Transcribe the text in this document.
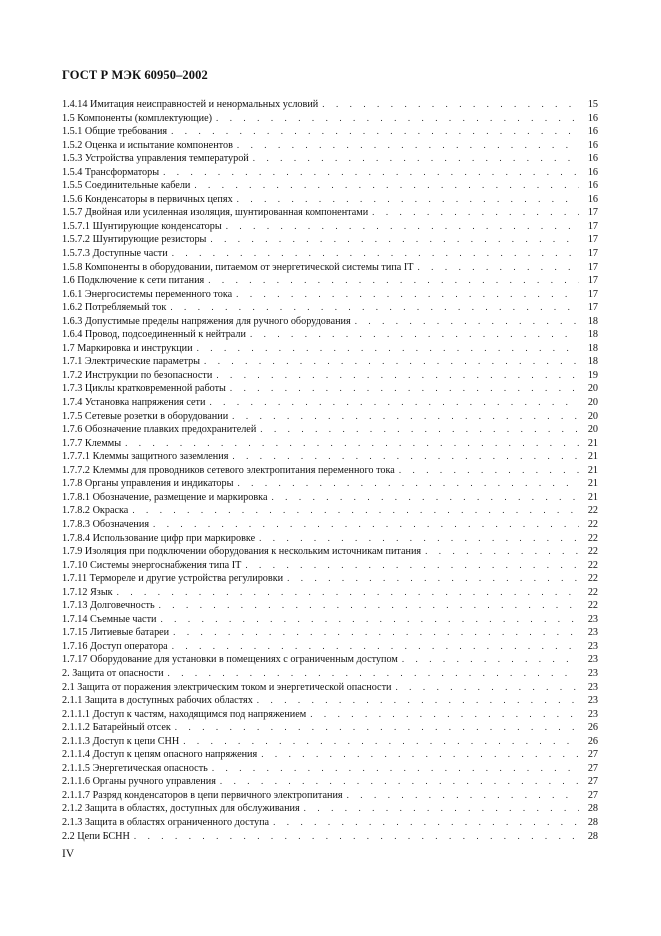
ГОСТ Р МЭК 60950–2002
1.4.14 Имитация неисправностей и ненормальных условий . . .	15
1.5 Компоненты (комплектующие) . . .	16
1.5.1 Общие требования . . .	16
1.5.2 Оценка и испытание компонентов . . .	16
1.5.3 Устройства управления температурой . . .	16
1.5.4 Трансформаторы . . .	16
1.5.5 Соединительные кабели . . .	16
1.5.6 Конденсаторы в первичных цепях . . .	16
1.5.7 Двойная или усиленная изоляция, шунтированная компонентами . . .	17
1.5.7.1 Шунтирующие конденсаторы . . .	17
1.5.7.2 Шунтирующие резисторы . . .	17
1.5.7.3 Доступные части . . .	17
1.5.8 Компоненты в оборудовании, питаемом от энергетической системы типа IT . . .	17
1.6 Подключение к сети питания . . .	17
1.6.1 Энергосистемы переменного тока . . .	17
1.6.2 Потребляемый ток . . .	17
1.6.3 Допустимые пределы напряжения для ручного оборудования . . .	18
1.6.4 Провод, подсоединенный к нейтрали . . .	18
1.7 Маркировка и инструкции . . .	18
1.7.1 Электрические параметры . . .	18
1.7.2 Инструкции по безопасности . . .	19
1.7.3 Циклы кратковременной работы . . .	20
1.7.4 Установка напряжения сети . . .	20
1.7.5 Сетевые розетки в оборудовании . . .	20
1.7.6 Обозначение плавких предохранителей . . .	20
1.7.7 Клеммы . . .	21
1.7.7.1 Клеммы защитного заземления . . .	21
1.7.7.2 Клеммы для проводников сетевого электропитания переменного тока . . .	21
1.7.8 Органы управления и индикаторы . . .	21
1.7.8.1 Обозначение, размещение и маркировка . . .	21
1.7.8.2 Окраска . . .	22
1.7.8.3 Обозначения . . .	22
1.7.8.4 Использование цифр при маркировке . . .	22
1.7.9 Изоляция при подключении оборудования к нескольким источникам питания . . .	22
1.7.10 Системы энергоснабжения типа IT . . .	22
1.7.11 Термореле и другие устройства регулировки . . .	22
1.7.12 Язык . . .	22
1.7.13 Долговечность . . .	22
1.7.14 Съемные части . . .	23
1.7.15 Литиевые батареи . . .	23
1.7.16 Доступ оператора . . .	23
1.7.17 Оборудование для установки в помещениях с ограниченным доступом . . .	23
2. Защита от опасности . . .	23
2.1 Защита от поражения электрическим током и энергетической опасности . . .	23
2.1.1 Защита в доступных рабочих областях . . .	23
2.1.1.1 Доступ к частям, находящимся под напряжением . . .	23
2.1.1.2 Батарейный отсек . . .	26
2.1.1.3 Доступ к цепи СНН . . .	26
2.1.1.4 Доступ к цепям опасного напряжения . . .	27
2.1.1.5 Энергетическая опасность . . .	27
2.1.1.6 Органы ручного управления . . .	27
2.1.1.7 Разряд конденсаторов в цепи первичного электропитания . . .	27
2.1.2 Защита в областях, доступных для обслуживания . . .	28
2.1.3 Защита в областях ограниченного доступа . . .	28
2.2 Цепи БСНН . . .	28
IV
